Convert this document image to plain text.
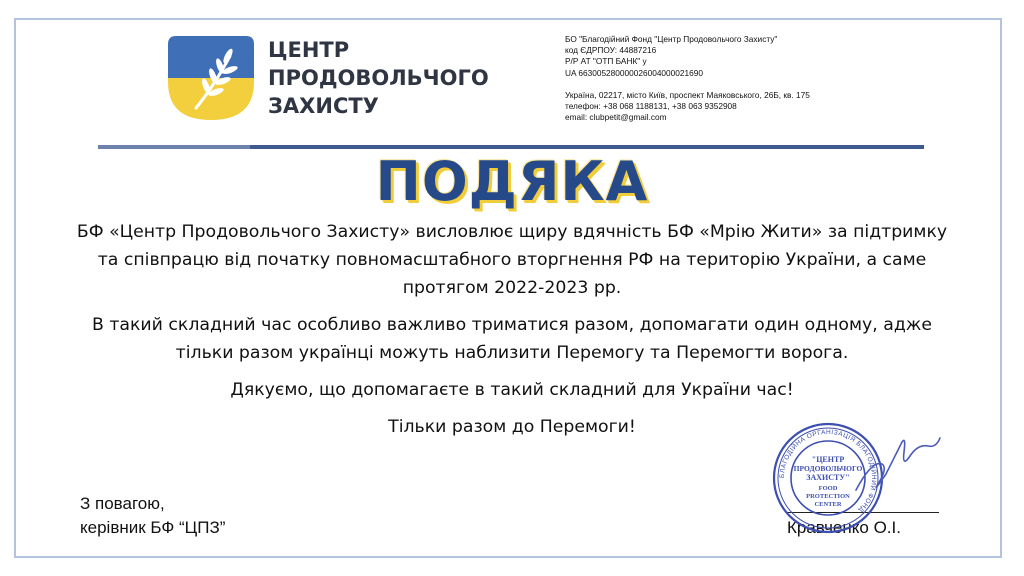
ЦЕНТР
ПРОДОВОЛЬЧОГО
ЗАХИСТУ
БО "Благодійний Фонд "Центр Продовольчого Захисту"
код ЄДРПОУ: 44887216
Р/Р АТ "ОТП БАНК" у
UA 663005280000026004000021690
Україна, 02217, місто Київ, проспект Маяковського, 26Б, кв. 175
телефон: +38 068 1188131, +38 063 9352908
email: clubpetit@gmail.com
ПОДЯКА

БФ «Центр Продовольчого Захисту» висловлює щиру вдячність БФ «Мрію Жити» за підтримку та співпрацю від початку повномасштабного вторгнення РФ на територію України, а саме протягом 2022-2023 рр.

В такий складний час особливо важливо триматися разом, допомагати один одному, адже тільки разом українці можуть наблизити Перемогу та Перемогти ворога.

Дякуємо, що допомагаєте в такий складний для України час!

Тільки разом до Перемоги!

З повагою,
керівник БФ “ЦПЗ”	Кравченко О.І.
БЛАГОДІЙНА ОРГАНІЗАЦІЯ БЛАГОДІЙНИЙ ФОНД
"ЦЕНТР
ПРОДОВОЛЬЧОГО
ЗАХИСТУ"
FOOD
PROTECTION
CENTER
